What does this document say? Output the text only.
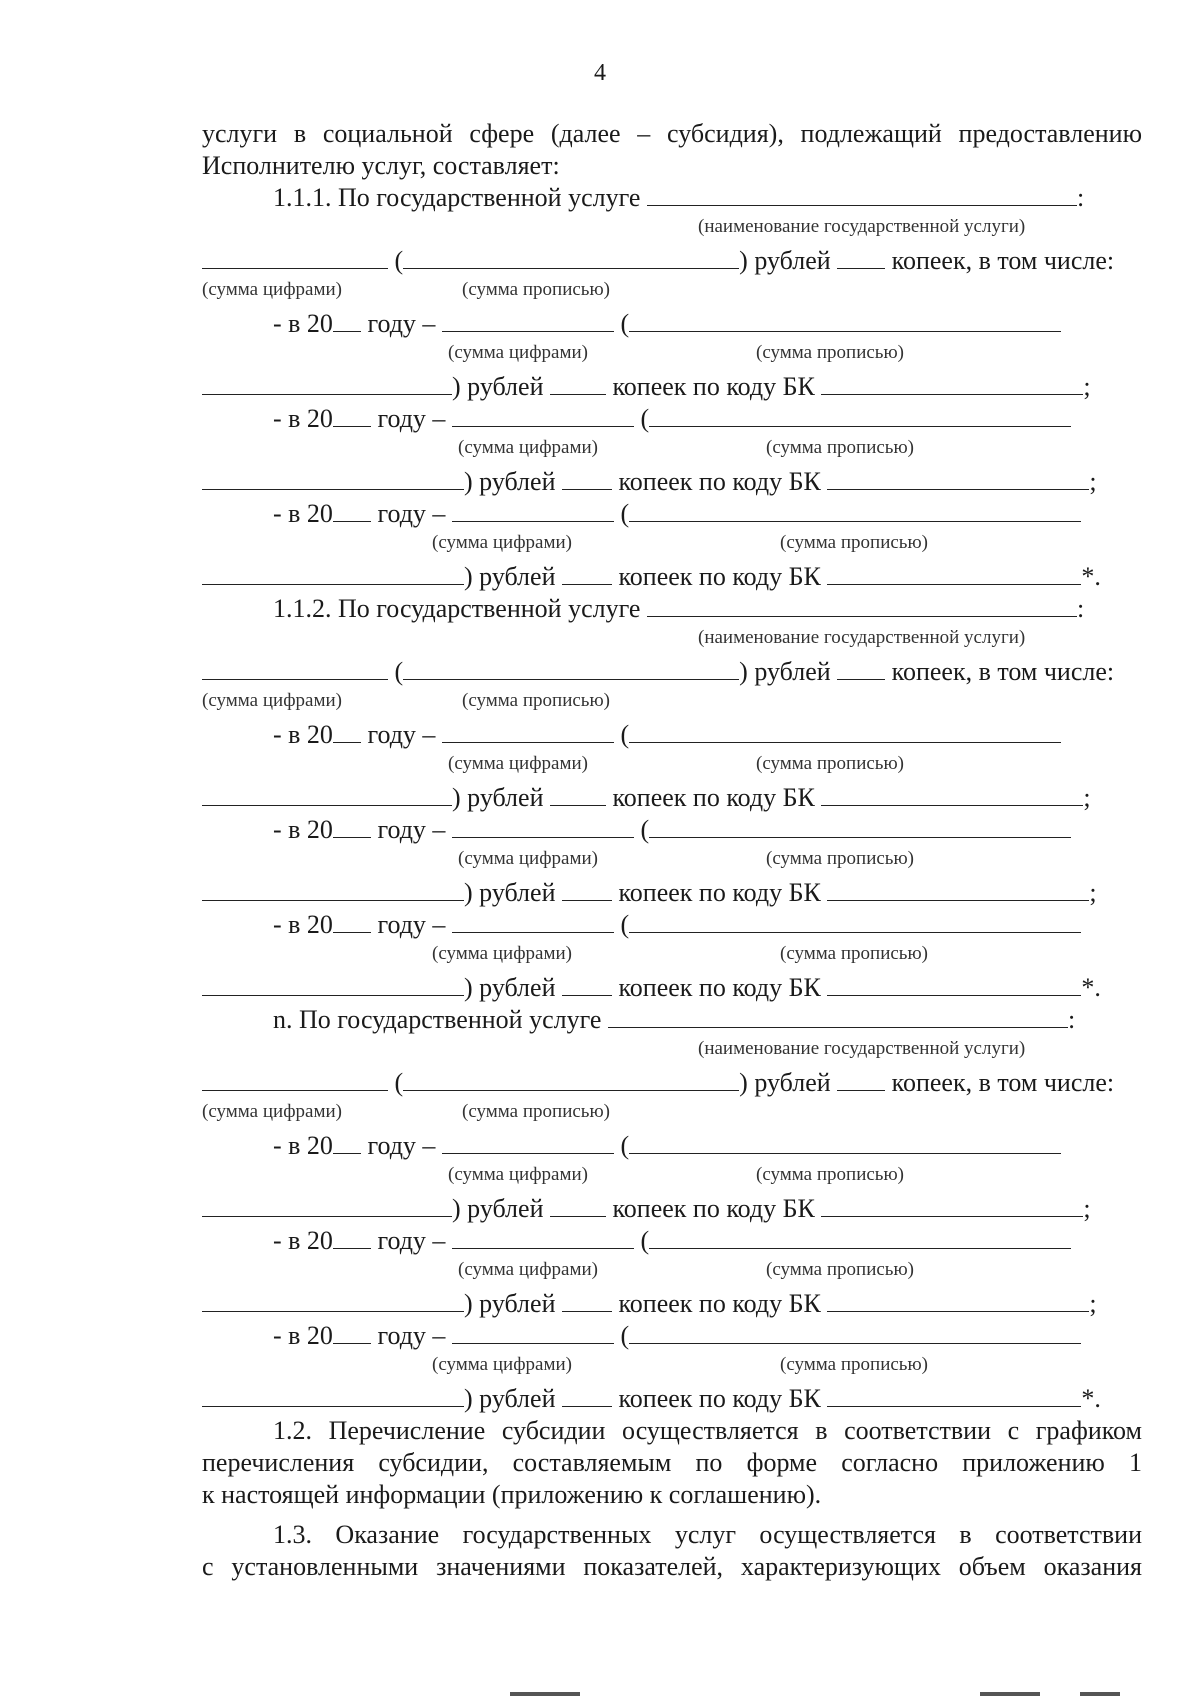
4
услуги в социальной сфере (далее – субсидия), подлежащий предоставлению
Исполнителю услуг, составляет:
1.1.1. По государственной услуге	:
(наименование государственной услуги)
(	) рублей копеек, в том числе:
(сумма цифрами)	(сумма прописью)
- в 20 году –	(
(сумма цифрами)	(сумма прописью)
) рублей	копеек по коду БК	;
- в 20 году –	(
(сумма цифрами)	(сумма прописью)
) рублей копеек по коду БК	;
- в 20 году –	(
(сумма цифрами)	(сумма прописью)
) рублей копеек по коду БК	*.
1.1.2. По государственной услуге	:
(наименование государственной услуги)
(	) рублей копеек, в том числе:
(сумма цифрами)	(сумма прописью)
- в 20 году –	(
(сумма цифрами)	(сумма прописью)
) рублей	копеек по коду БК	;
- в 20 году –	(
(сумма цифрами)	(сумма прописью)
) рублей копеек по коду БК	;
- в 20 году –	(
(сумма цифрами)	(сумма прописью)
) рублей копеек по коду БК	*.
n. По государственной услуге	:
(наименование государственной услуги)
(	) рублей копеек, в том числе:
(сумма цифрами)	(сумма прописью)
- в 20 году –	(
(сумма цифрами)	(сумма прописью)
) рублей	копеек по коду БК	;
- в 20 году –	(
(сумма цифрами)	(сумма прописью)
) рублей копеек по коду БК	;
- в 20 году –	(
(сумма цифрами)	(сумма прописью)
) рублей копеек по коду БК	*.
1.2. Перечисление субсидии осуществляется в соответствии с графиком
перечисления субсидии, составляемым по форме согласно приложению 1
к настоящей информации (приложению к соглашению).
1.3. Оказание государственных услуг осуществляется в соответствии
с установленными значениями показателей, характеризующих объем оказания
